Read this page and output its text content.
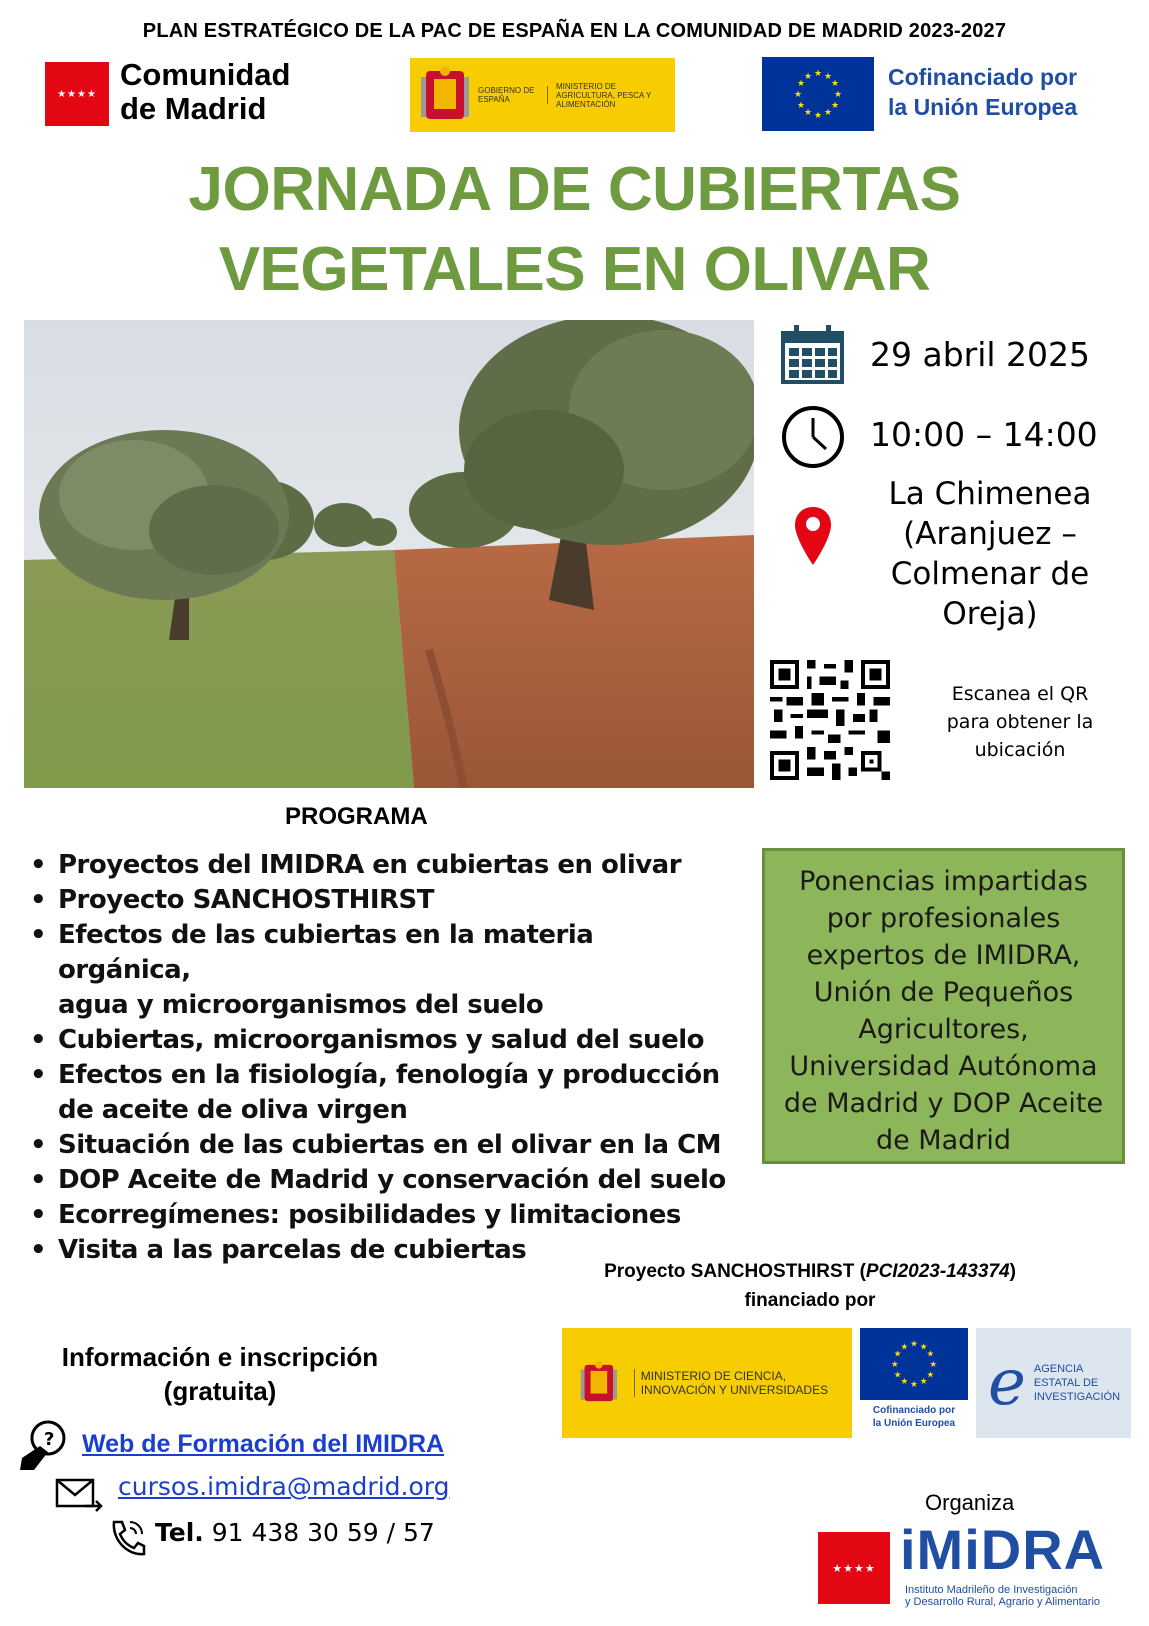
PLAN ESTRATÉGICO DE LA PAC DE ESPAÑA EN LA COMUNIDAD DE MADRID 2023-2027
★★★★

Comunidad
de Madrid
GOBIERNO DE ESPAÑA
MINISTERIO DE AGRICULTURA, PESCA Y ALIMENTACIÓN
★ ★
★
★
★
★
★
★
★
★
★
★	Cofinanciado por
la Unión Europea
JORNADA DE CUBIERTAS
VEGETALES EN OLIVAR
29 abril 2025
10:00 – 14:00
La Chimenea
(Aranjuez –
Colmenar de
Oreja)
Escanea el QR
para obtener la
ubicación
PROGRAMA
• Proyectos del IMIDRA en cubiertas en olivar
• Proyecto SANCHOSTHIRST
• Efectos de las cubiertas en la materia orgánica,
agua y microorganismos del suelo
• Cubiertas, microorganismos y salud del suelo
• Efectos en la fisiología, fenología y producción
de aceite de oliva virgen
• Situación de las cubiertas en el olivar en la CM
• DOP Aceite de Madrid y conservación del suelo
• Ecorregímenes: posibilidades y limitaciones
• Visita a las parcelas de cubiertas
Ponencias impartidas
por profesionales
expertos de IMIDRA,
Unión de Pequeños
Agricultores,
Universidad Autónoma
de Madrid y DOP Aceite
de Madrid
Proyecto SANCHOSTHIRST (PCI2023-143374)
financiado por
MINISTERIO DE CIENCIA, INNOVACIÓN Y UNIVERSIDADES
★ ★
★
★
★
★
★
★
★
★
★
★
Cofinanciado por
la Unión Europea
e AGENCIA
ESTATAL DE
INVESTIGACIÓN
Información e inscripción
(gratuita)
? Web de Formación del IMIDRA
cursos.imidra@madrid.org
Tel. 91 438 30 59 / 57
Organiza
★★★★ iMiDRA
Instituto Madrileño de Investigación
y Desarrollo Rural, Agrario y Alimentario
